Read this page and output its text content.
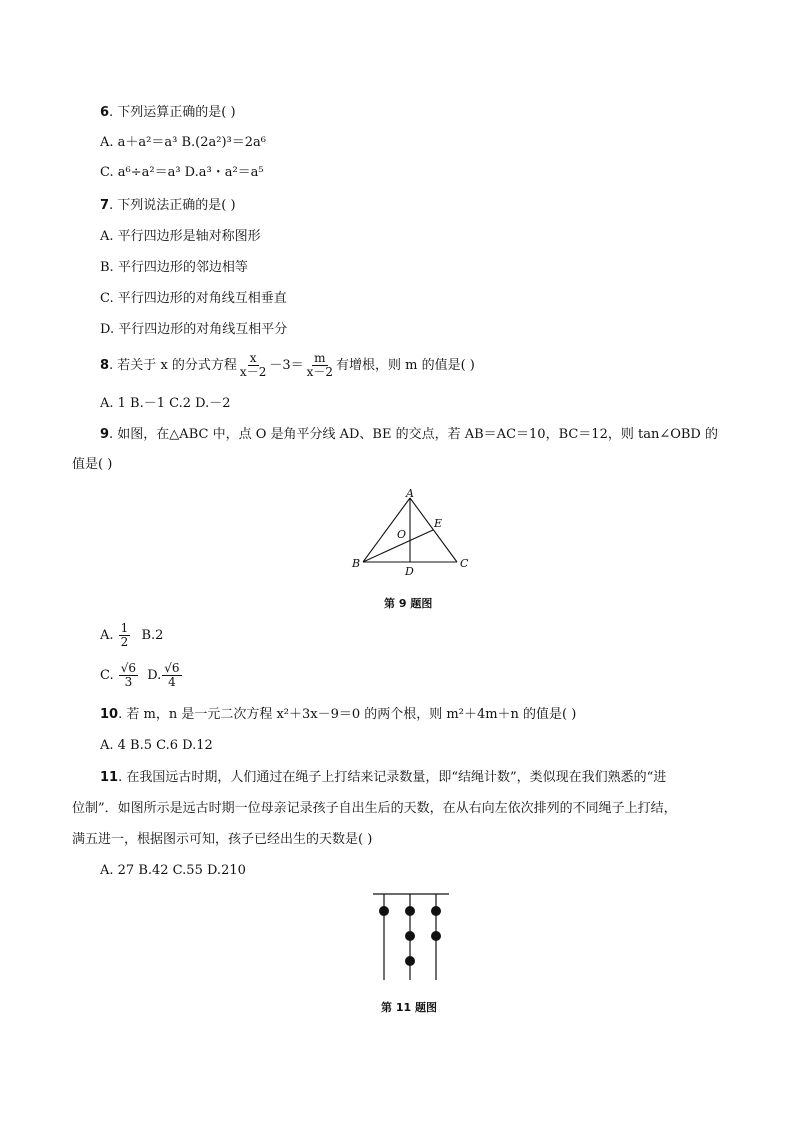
6. 下列运算正确的是( )
A. a＋a²＝a³ B.(2a²)³＝2a⁶
C. a⁶÷a²＝a³ D.a³・a²＝a⁵
7. 下列说法正确的是( )
A. 平行四边形是轴对称图形
B. 平行四边形的邻边相等
C. 平行四边形的对角线互相垂直
D. 平行四边形的对角线互相平分
8. 若关于 x 的分式方程 $\frac{x}{x-2} -3= \frac{m}{x-2}$ 有增根，则 m 的值是( )
A. 1 B.－1 C.2 D.－2
9. 如图，在△ABC 中，点 O 是角平分线 AD、BE 的交点，若 AB＝AC＝10，BC＝12，则 tan∠OBD 的
值是( )
A
B	C
D
E
O
第 9 题图
A. $\frac{1}{2} B.2$
C. $\frac{√6}{3} D$. $\frac{√6}{4}$
10. 若 m，n 是一元二次方程 x²＋3x－9＝0 的两个根，则 m²＋4m＋n 的值是( )
A. 4 B.5 C.6 D.12
11. 在我国远古时期，人们通过在绳子上打结来记录数量，即“结绳计数”，类似现在我们熟悉的“进
位制”．如图所示是远古时期一位母亲记录孩子自出生后的天数，在从右向左依次排列的不同绳子上打结，
满五进一，根据图示可知，孩子已经出生的天数是( )
A. 27 B.42 C.55 D.210
第 11 题图
